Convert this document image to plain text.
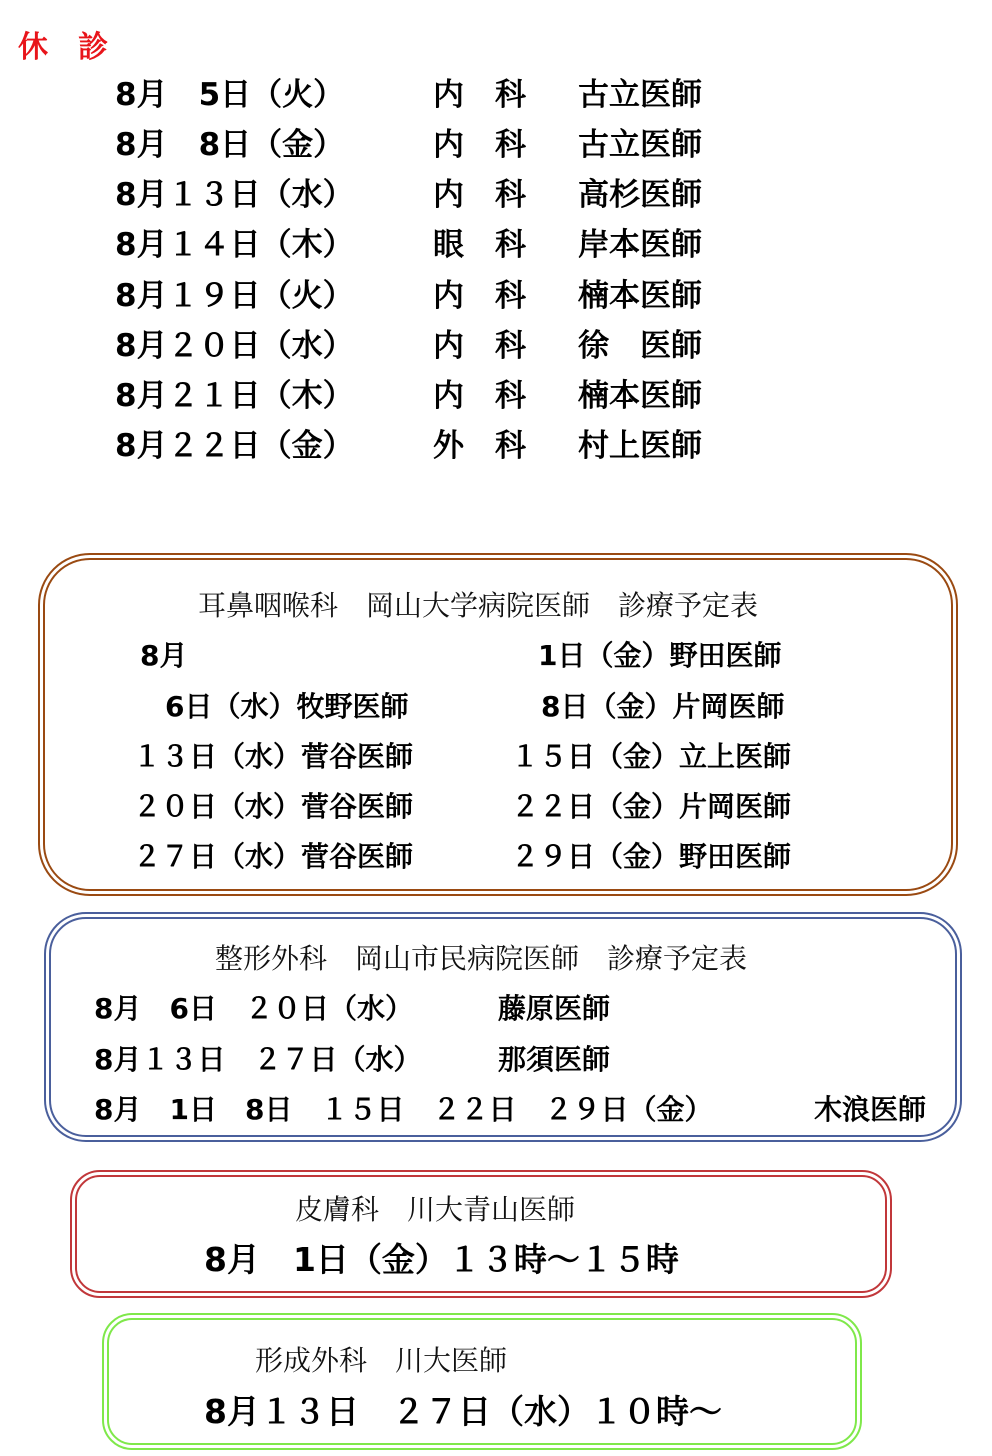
休　診
8月　5日（火）	内　科 古立医師
8月　8日（金）	内　科 古立医師
8月１３日（水）	内　科 高杉医師
8月１４日（木）	眼　科 岸本医師
8月１９日（火）	内　科 楠本医師
8月２０日（水）	内　科 徐　医師
8月２１日（木）	内　科 楠本医師
8月２２日（金）	外　科 村上医師
耳鼻咽喉科　岡山大学病院医師　診療予定表
8月	1日（金）野田医師
6日（水）牧野医師	8日（金）片岡医師
１３日（水）菅谷医師	１５日（金）立上医師
２０日（水）菅谷医師	２２日（金）片岡医師
２７日（水）菅谷医師	２９日（金）野田医師
整形外科　岡山市民病院医師　診療予定表
8月　6日　２０日（水）	藤原医師
8月１３日　２７日（水）	那須医師
8月　1日　8日　１５日　２２日　２９日（金）	木浪医師
皮膚科　川大青山医師
8月　1日（金）１３時～１５時
形成外科　川大医師
8月１３日　２７日（水）１０時～
